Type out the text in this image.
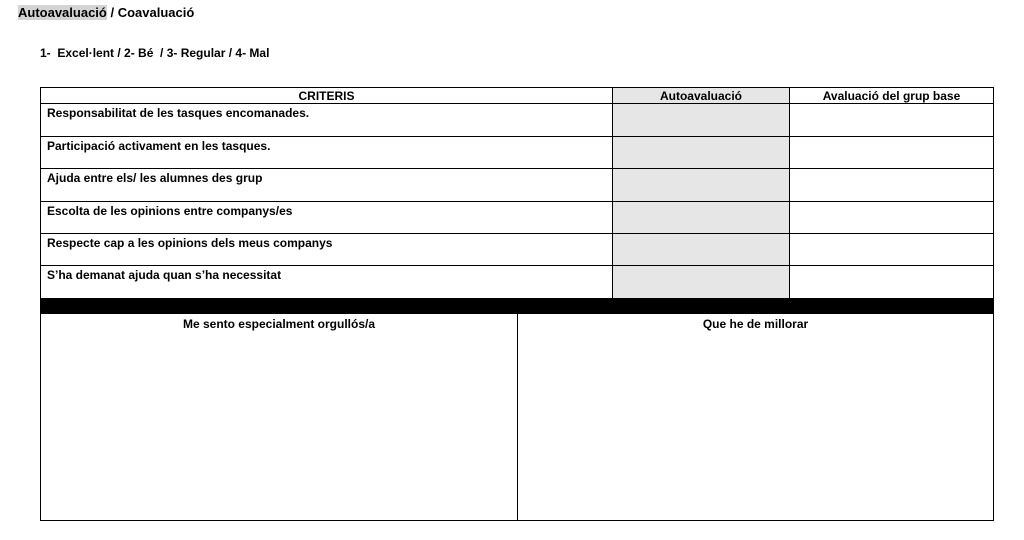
Autoavaluació / Coavaluació
1-  Excel·lent / 2- Bé  / 3- Regular / 4- Mal
CRITERIS	Autoavaluació	Avaluació del grup base
Responsabilitat de les tasques encomanades.
Participació activament en les tasques.
Ajuda entre els/ les alumnes des grup
Escolta de les opinions entre companys/es
Respecte cap a les opinions dels meus companys
S’ha demanat ajuda quan s’ha necessitat
Me sento especialment orgullós/a	Que he de millorar
